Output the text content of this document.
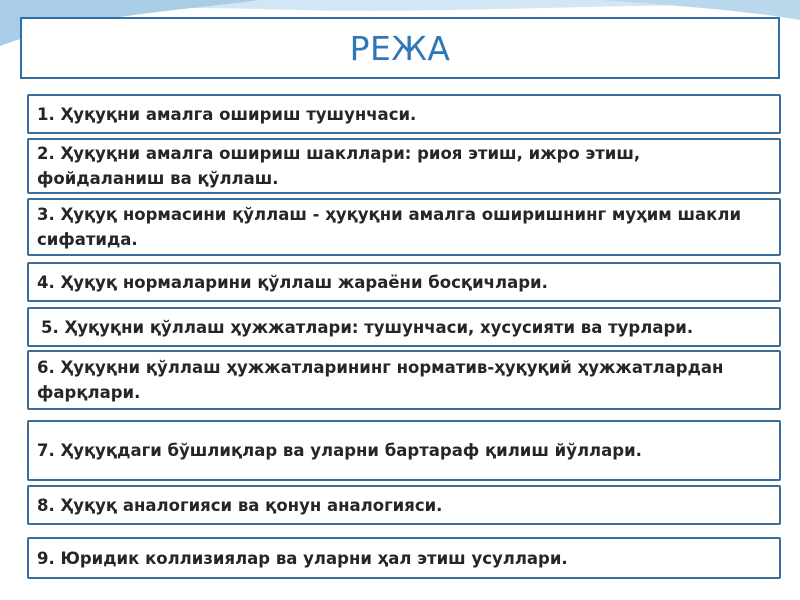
РЕЖА
1. Ҳуқуқни амалга ошириш тушунчаси.
2. Ҳуқуқни амалга ошириш шакллари: риоя этиш, ижро этиш, фойдаланиш ва қўллаш.
3. Ҳуқуқ нормасини қўллаш - ҳуқуқни амалга оширишнинг муҳим шакли сифатида.
4. Ҳуқуқ нормаларини қўллаш жараёни босқичлари.
5. Ҳуқуқни қўллаш ҳужжатлари: тушунчаси, хусусияти ва турлари.
6. Ҳуқуқни қўллаш ҳужжатларининг норматив-ҳуқуқий ҳужжатлардан фарқлари.
7. Ҳуқуқдаги бўшлиқлар ва уларни бартараф қилиш йўллари.
8. Ҳуқуқ аналогияси ва қонун аналогияси.
9. Юридик коллизиялар ва уларни ҳал этиш усуллари.
